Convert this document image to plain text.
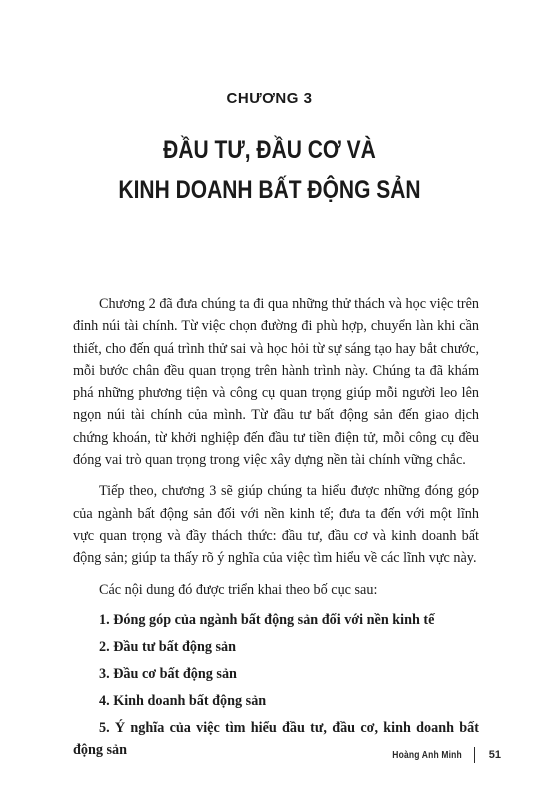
CHƯƠNG 3
ĐẦU TƯ, ĐẦU CƠ VÀ
KINH DOANH BẤT ĐỘNG SẢN

Chương 2 đã đưa chúng ta đi qua những thử thách và học việc trên đỉnh núi tài chính. Từ việc chọn đường đi phù hợp, chuyển làn khi cần thiết, cho đến quá trình thử sai và học hỏi từ sự sáng tạo hay bắt chước, mỗi bước chân đều quan trọng trên hành trình này. Chúng ta đã khám phá những phương tiện và công cụ quan trọng giúp mỗi người leo lên ngọn núi tài chính của mình. Từ đầu tư bất động sản đến giao dịch chứng khoán, từ khởi nghiệp đến đầu tư tiền điện tử, mỗi công cụ đều đóng vai trò quan trọng trong việc xây dựng nền tài chính vững chắc.

Tiếp theo, chương 3 sẽ giúp chúng ta hiểu được những đóng góp của ngành bất động sản đối với nền kinh tế; đưa ta đến với một lĩnh vực quan trọng và đầy thách thức: đầu tư, đầu cơ và kinh doanh bất động sản; giúp ta thấy rõ ý nghĩa của việc tìm hiểu về các lĩnh vực này.

Các nội dung đó được triển khai theo bố cục sau:

1. Đóng góp của ngành bất động sản đối với nền kinh tế
2. Đầu tư bất động sản
3. Đầu cơ bất động sản
4. Kinh doanh bất động sản
5. Ý nghĩa của việc tìm hiểu đầu tư, đầu cơ, kinh doanh bất động sản	Hoàng Anh Minh 51
